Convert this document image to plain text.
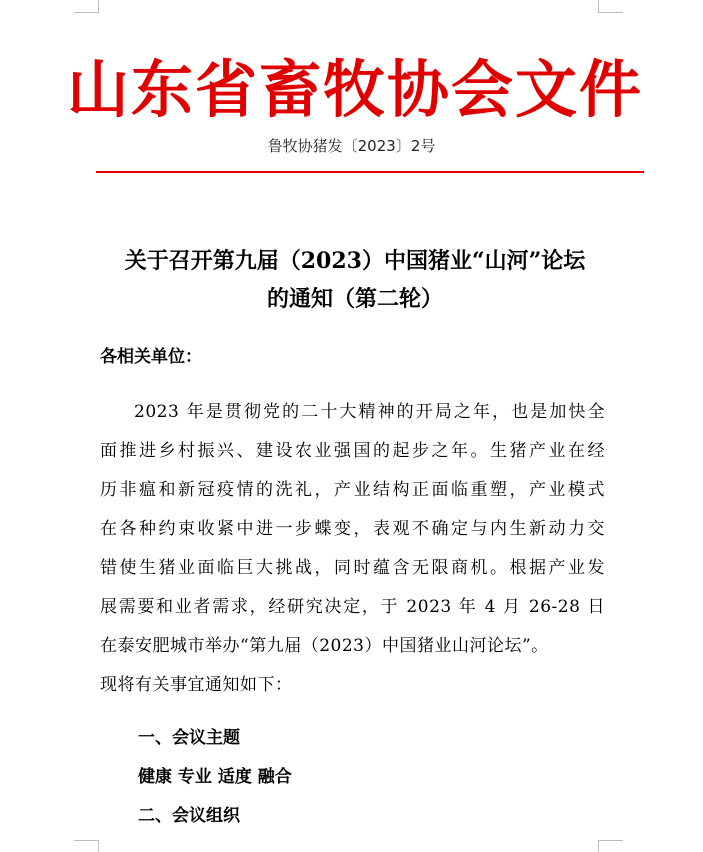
山东省畜牧协会文件
鲁牧协猪发〔2023〕2号
关于召开第九届（2023）中国猪业“山河”论坛
的通知（第二轮）

各相关单位：

2023 年是贯彻党的二十大精神的开局之年，也是加快全

面推进乡村振兴、建设农业强国的起步之年。生猪产业在经

历非瘟和新冠疫情的洗礼，产业结构正面临重塑，产业模式

在各种约束收紧中进一步蝶变，表观不确定与内生新动力交

错使生猪业面临巨大挑战，同时蕴含无限商机。根据产业发

展需要和业者需求，经研究决定，于 2023 年 4 月 26-28 日

在泰安肥城市举办“第九届（2023）中国猪业山河论坛”。

现将有关事宜通知如下：

一、会议主题

健康 专业 适度 融合

二、会议组织
